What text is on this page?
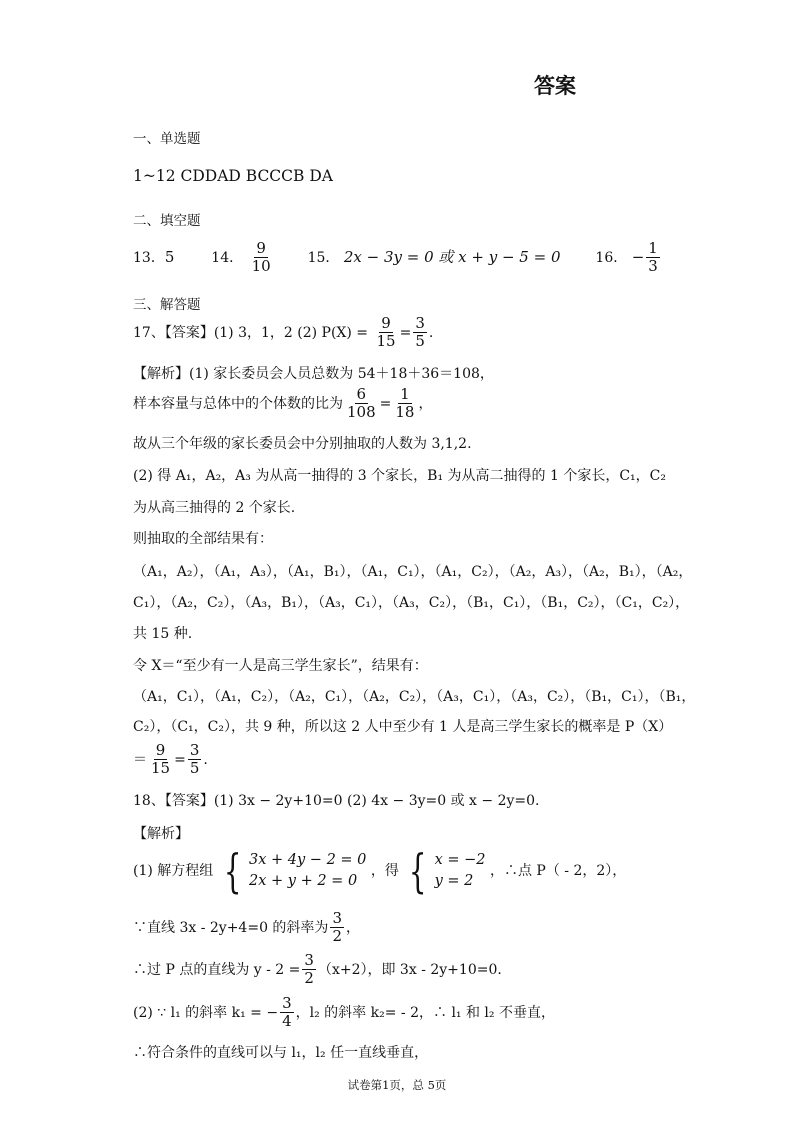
答案
一、单选题
1~12 CDDAD BCCCB DA
二、填空题
13．5	14． $\frac{9}{10} 15$． 2x − 3y = 0 或 x + y − 5 = 0 16． − $\frac{1}{3}$
三、解答题
17、【答案】(1) 3，1，2 (2) $P(X) = \frac{9}{15} = \frac{3}{5}$ .
【解析】(1) 家长委员会人员总数为 54＋18＋36＝108，
样本容量与总体中的个体数的比为 $\frac{6}{108} = \frac{1}{18}$ ，
故从三个年级的家长委员会中分别抽取的人数为 3,1,2.
(2) 得 A₁，A₂，A₃ 为从高一抽得的 3 个家长，B₁ 为从高二抽得的 1 个家长，C₁，C₂
为从高三抽得的 2 个家长.
则抽取的全部结果有：
（A₁，A₂），（A₁，A₃），（A₁，B₁），（A₁，C₁），（A₁，C₂），（A₂，A₃），（A₂，B₁），（A₂，
C₁），（A₂，C₂），（A₃，B₁），（A₃，C₁），（A₃，C₂），（B₁，C₁），（B₁，C₂），（C₁，C₂），
共 15 种.
令 X＝“至少有一人是高三学生家长”，结果有：
（A₁，C₁），（A₁，C₂），（A₂，C₁），（A₂，C₂），（A₃，C₁），（A₃，C₂），（B₁，C₁），（B₁，
C₂），（C₁，C₂），共 9 种，所以这 2 人中至少有 1 人是高三学生家长的概率是 P（X）
＝ $\frac{9}{15} = \frac{3}{5}$ .
18、【答案】(1) 3x − 2y+10=0 (2) 4x − 3y=0 或 x − 2y=0.
【解析】
(1) 解方程组 { 3x + 4y − 2 = 0
2x + y + 2 = 0
，得 { x = −2
y = 2
，∴点 P（ - 2，2），
∵直线 3x - 2y+4=0 的斜率为 $\frac{3}{2}$ ，
∴过 P 点的直线为 $y - 2 = \frac{3}{2} (x+2)$，即 3x - 2y+10=0.
(2) ∵ l₁ 的斜率 k₁ = − $\frac{3}{4}$ ，l₂ 的斜率 k₂= - 2，∴ l₁ 和 l₂ 不垂直，
∴符合条件的直线可以与 l₁，l₂ 任一直线垂直，
试卷第1页，总 5页
